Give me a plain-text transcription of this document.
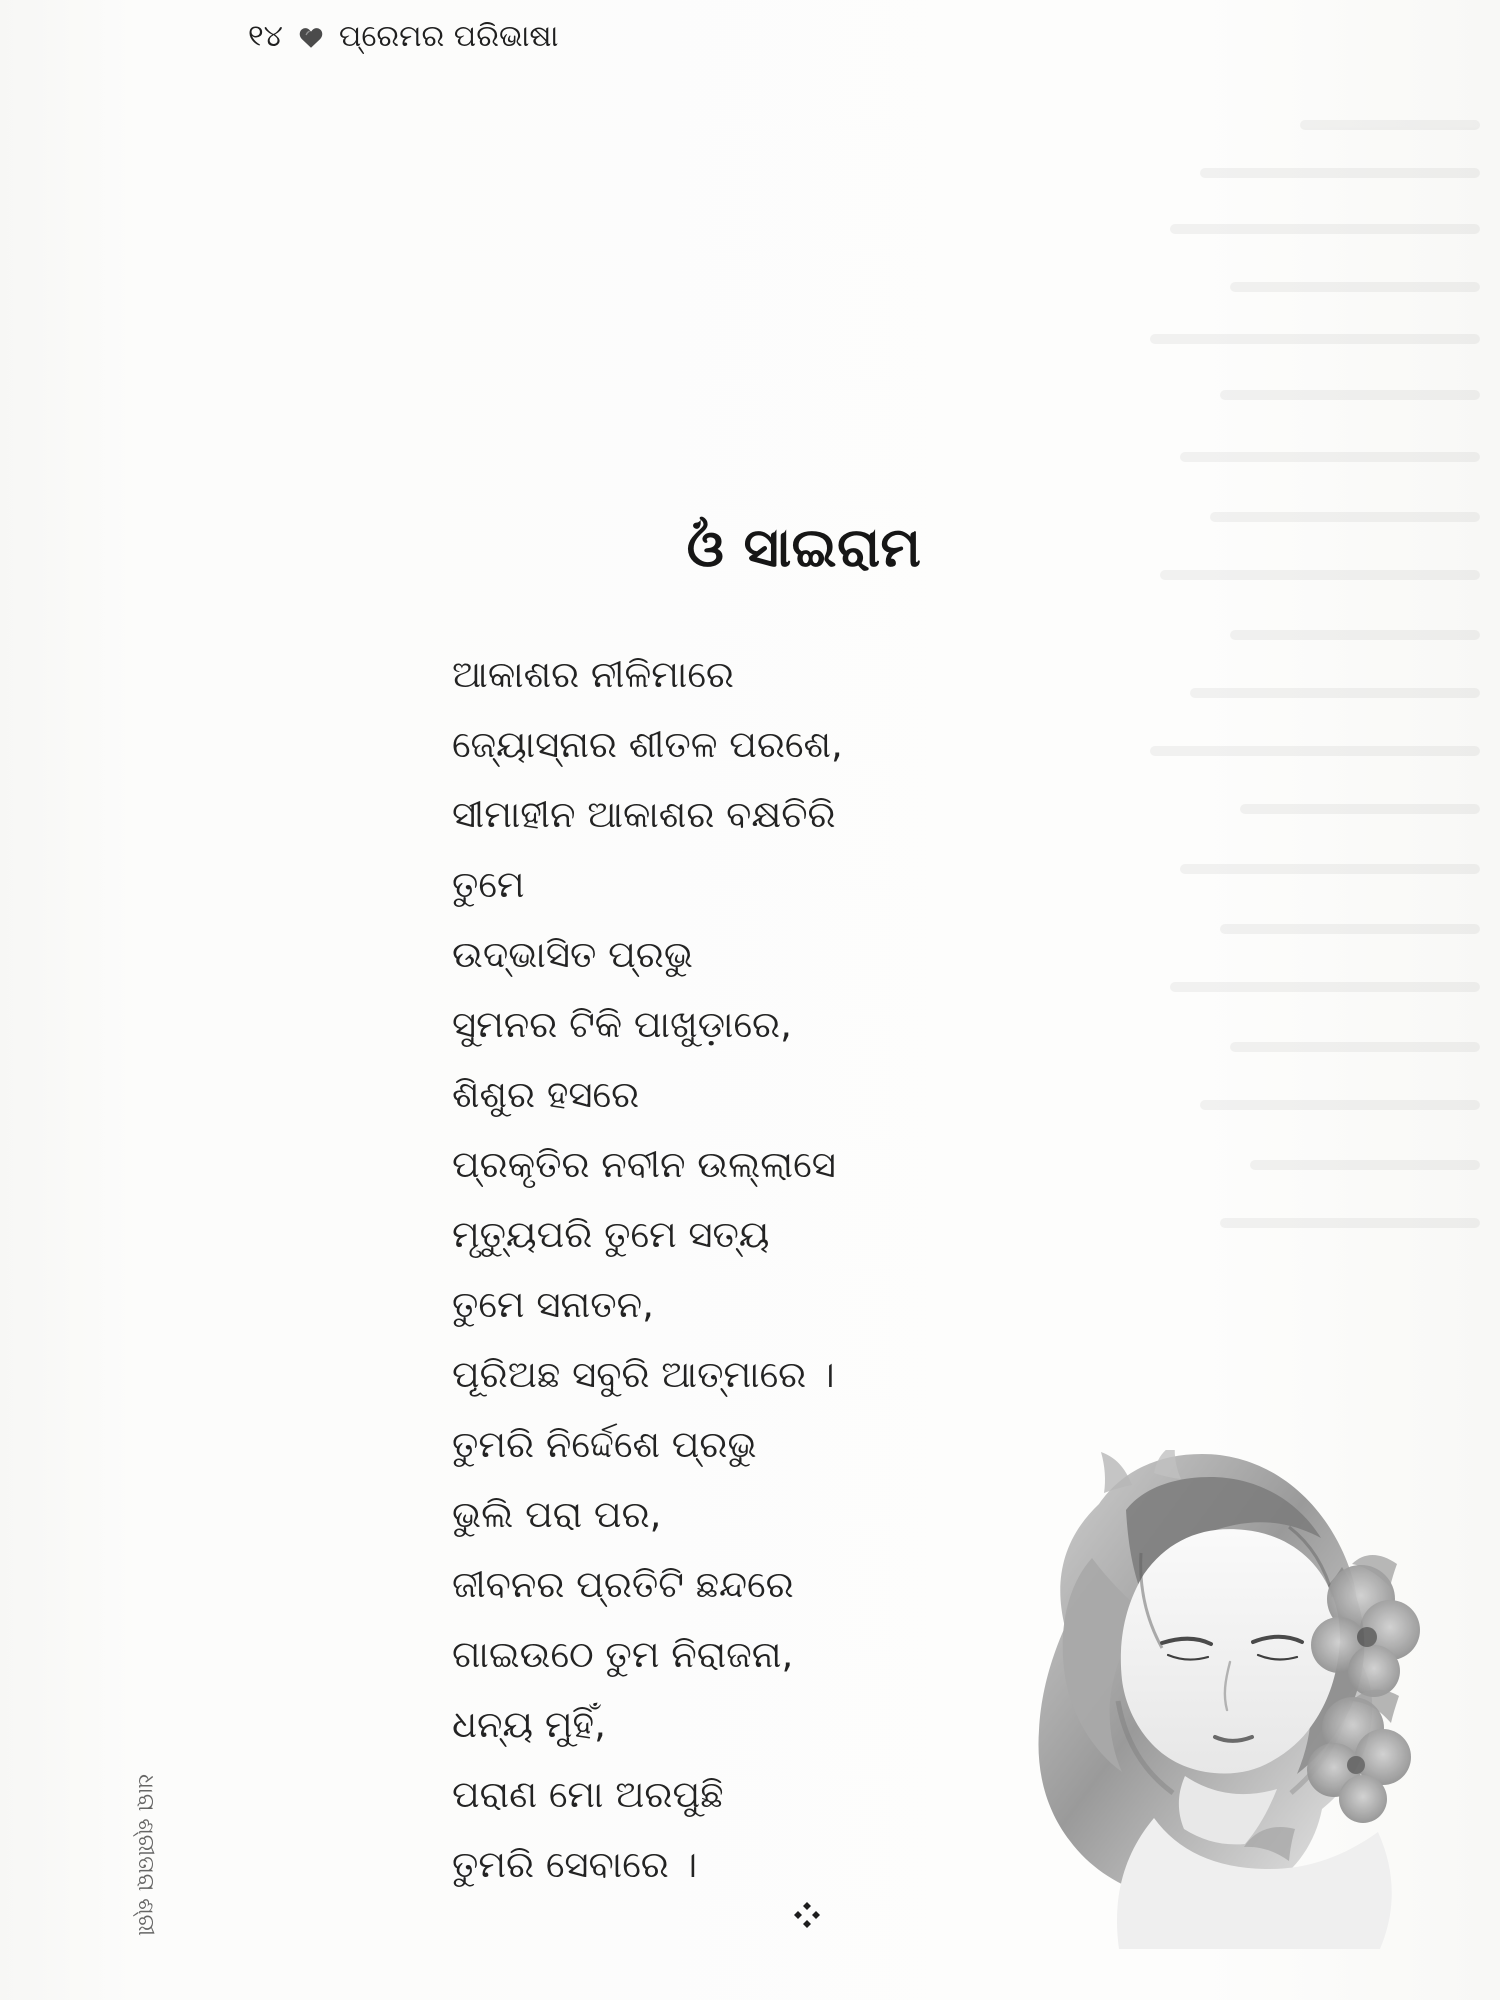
୧୪ ପ୍ରେମର ପରିଭାଷା
ଓଁ ସାଇରାମ
ଆକାଶର ନୀଳିମାରେ
ଜ୍ୟୋସ୍ନାର ଶୀତଳ ପରଶେ,
ସୀମାହୀନ ଆକାଶର ବକ୍ଷଚିରି
ତୁମେ
ଉଦ୍‌ଭାସିତ ପ୍ରଭୁ
ସୁମନର ଟିକି ପାଖୁଡ଼ାରେ,
ଶିଶୁର ହସରେ
ପ୍ରକୃତିର ନବୀନ ଉଲ୍ଲାସେ
ମୃତ୍ୟୁପରି ତୁମେ ସତ୍ୟ
ତୁମେ ସନାତନ,
ପୂରିଅଛ ସବୁରି ଆତ୍ମାରେ ।
ତୁମରି ନିର୍ଦ୍ଦେଶେ ପ୍ରଭୁ
ଭୁଲି ପରା ପର,
ଜୀବନର ପ୍ରତିଟି ଛନ୍ଦରେ
ଗାଇଉଠେ ତୁମ ନିରାଜନା,
ଧନ୍ୟ ମୁହିଁ,
ପରାଣ ମୋ ଅରପୁଛି
ତୁମରି ସେବାରେ ।
ଧାରା ଶ୍ରୀତାରା ଶ୍ରୀ
